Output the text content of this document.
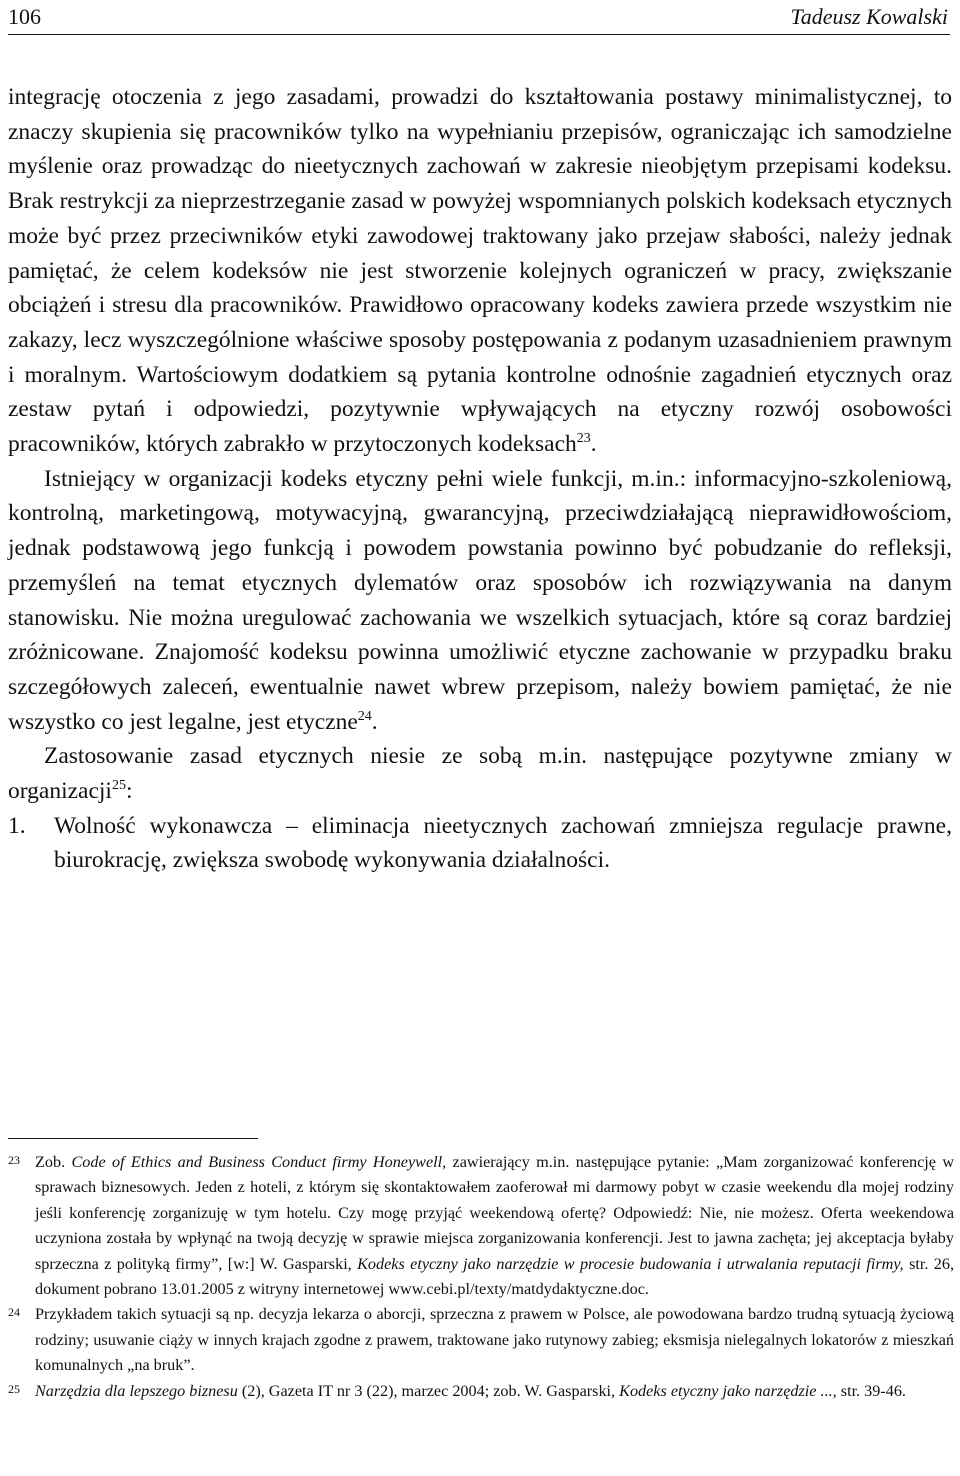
106	Tadeusz Kowalski

integrację otoczenia z jego zasadami, prowadzi do kształtowania postawy minimalistycznej, to znaczy skupienia się pracowników tylko na wypełnianiu przepisów, ograniczając ich samodzielne myślenie oraz prowadząc do nieetycznych zachowań w zakresie nieobjętym przepisami kodeksu. Brak restrykcji za nieprzestrzeganie zasad w powyżej wspomnianych polskich kodeksach etycznych może być przez przeciwników etyki zawodowej traktowany jako przejaw słabości, należy jednak pamiętać, że celem kodeksów nie jest stworzenie kolejnych ograniczeń w pracy, zwiększanie obciążeń i stresu dla pracowników. Prawidłowo opracowany kodeks zawiera przede wszystkim nie zakazy, lecz wyszczególnione właściwe sposoby postępowania z podanym uzasadnieniem prawnym i moralnym. Wartościowym dodatkiem są pytania kontrolne odnośnie zagadnień etycznych oraz zestaw pytań i odpowiedzi, pozytywnie wpływających na etyczny rozwój osobowości pracowników, których zabrakło w przytoczonych kodeksach$^{23}$.

Istniejący w organizacji kodeks etyczny pełni wiele funkcji, m.in.: informacyjno-szkoleniową, kontrolną, marketingową, motywacyjną, gwarancyjną, przeciwdziałającą nieprawidłowościom, jednak podstawową jego funkcją i powodem powstania powinno być pobudzanie do refleksji, przemyśleń na temat etycznych dylematów oraz sposobów ich rozwiązywania na danym stanowisku. Nie można uregulować zachowania we wszelkich sytuacjach, które są coraz bardziej zróżnicowane. Znajomość kodeksu powinna umożliwić etyczne zachowanie w przypadku braku szczegółowych zaleceń, ewentualnie nawet wbrew przepisom, należy bowiem pamiętać, że nie wszystko co jest legalne, jest etyczne$^{24}$.

Zastosowanie zasad etycznych niesie ze sobą m.in. następujące pozytywne zmiany w organizacji$^{25}$:

1. Wolność wykonawcza – eliminacja nieetycznych zachowań zmniejsza regulacje prawne, biurokrację, zwiększa swobodę wykonywania działalności.

23 Zob. Code of Ethics and Business Conduct firmy Honeywell, zawierający m.in. następujące pytanie: „Mam zorganizować konferencję w sprawach biznesowych. Jeden z hoteli, z którym się skontaktowałem zaoferował mi darmowy pobyt w czasie weekendu dla mojej rodziny jeśli konferencję zorganizuję w tym hotelu. Czy mogę przyjąć weekendową ofertę? Odpowiedź: Nie, nie możesz. Oferta weekendowa uczyniona została by wpłynąć na twoją decyzję w sprawie miejsca zorganizowania konferencji. Jest to jawna zachęta; jej akceptacja byłaby sprzeczna z polityką firmy”, [w:] W. Gasparski, Kodeks etyczny jako narzędzie w procesie budowania i utrwalania reputacji firmy, str. 26, dokument pobrano 13.01.2005 z witryny internetowej www.cebi.pl/texty/matdydaktyczne.doc.

24 Przykładem takich sytuacji są np. decyzja lekarza o aborcji, sprzeczna z prawem w Polsce, ale powodowana bardzo trudną sytuacją życiową rodziny; usuwanie ciąży w innych krajach zgodne z prawem, traktowane jako rutynowy zabieg; eksmisja nielegalnych lokatorów z mieszkań komunalnych „na bruk”.

25 Narzędzia dla lepszego biznesu (2), Gazeta IT nr 3 (22), marzec 2004; zob. W. Gasparski, Kodeks etyczny jako narzędzie ..., str. 39-46.
